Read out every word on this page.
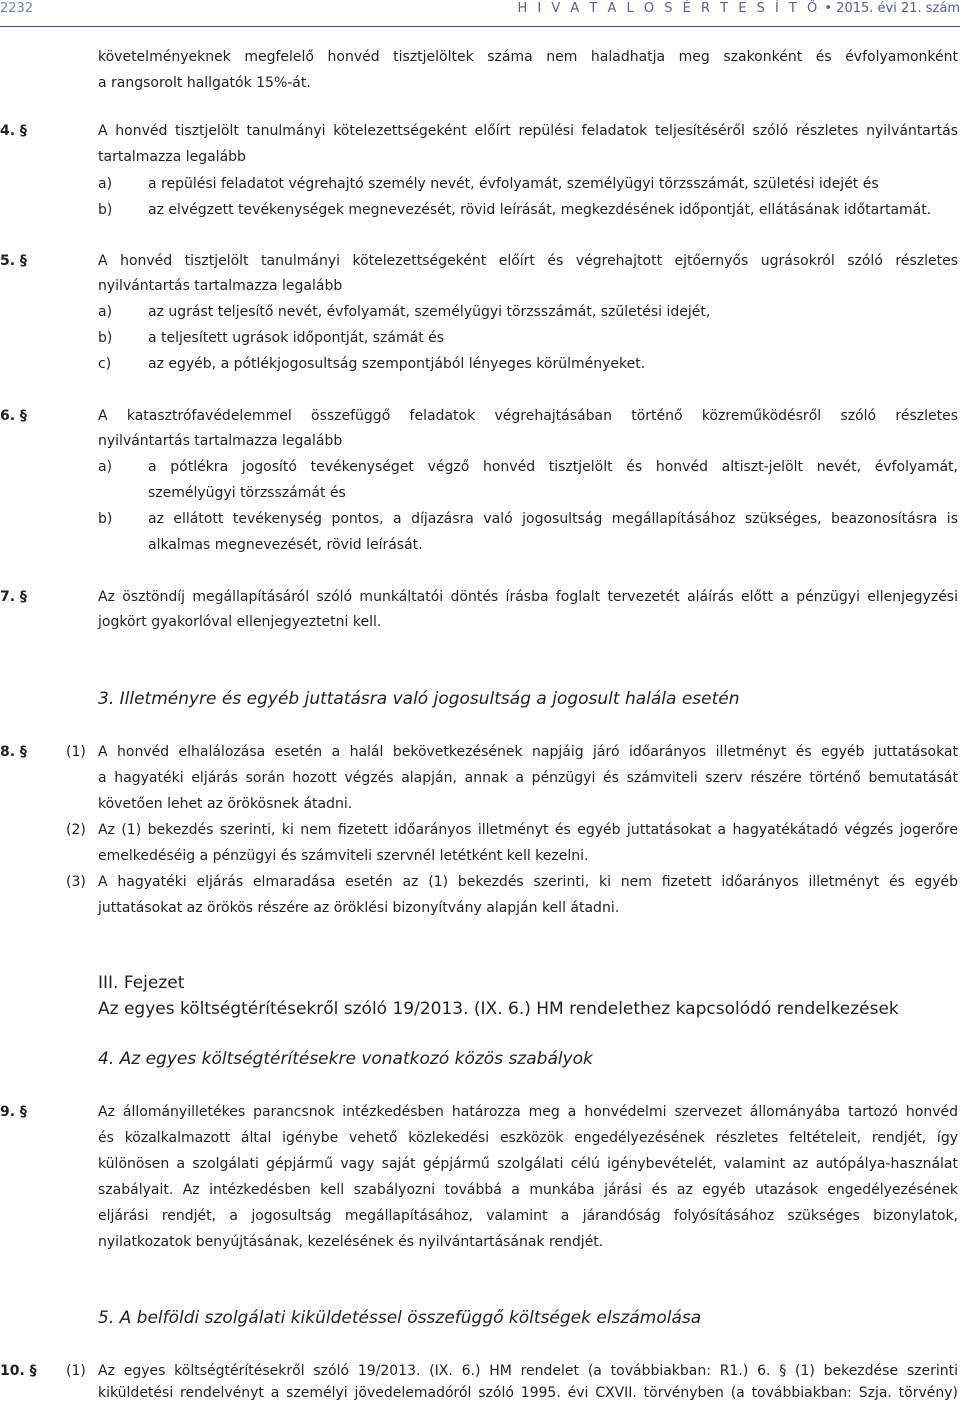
2232	H I V A T A L O S É R T E S Í T Ő • 2015. évi 21. szám
követelményeknek megfelelő honvéd tisztjelöltek száma nem haladhatja meg szakonként és évfolyamonként
a rangsorolt hallgatók 15%-át.
4. §	A honvéd tisztjelölt tanulmányi kötelezettségeként előírt repülési feladatok teljesítéséről szóló részletes nyilvántartás
tartalmazza legalább
a)	a repülési feladatot végrehajtó személy nevét, évfolyamát, személyügyi törzsszámát, születési idejét és
b)	az elvégzett tevékenységek megnevezését, rövid leírását, megkezdésének időpontját, ellátásának időtartamát.
5. §	A honvéd tisztjelölt tanulmányi kötelezettségeként előírt és végrehajtott ejtőernyős ugrásokról szóló részletes
nyilvántartás tartalmazza legalább
a)	az ugrást teljesítő nevét, évfolyamát, személyügyi törzsszámát, születési idejét,
b)	a teljesített ugrások időpontját, számát és
c)	az egyéb, a pótlékjogosultság szempontjából lényeges körülményeket.
6. §	A katasztrófavédelemmel összefüggő feladatok végrehajtásában történő közreműködésről szóló részletes
nyilvántartás tartalmazza legalább
a)	a pótlékra jogosító tevékenységet végző honvéd tisztjelölt és honvéd altiszt-jelölt nevét, évfolyamát,
személyügyi törzsszámát és
b)	az ellátott tevékenység pontos, a díjazásra való jogosultság megállapításához szükséges, beazonosításra is
alkalmas megnevezését, rövid leírását.
7. §	Az ösztöndíj megállapításáról szóló munkáltatói döntés írásba foglalt tervezetét aláírás előtt a pénzügyi ellenjegyzési
jogkört gyakorlóval ellenjegyeztetni kell.
3. Illetményre és egyéb juttatásra való jogosultság a jogosult halála esetén
8. §	(1) A honvéd elhalálozása esetén a halál bekövetkezésének napjáig járó időarányos illetményt és egyéb juttatásokat
a hagyatéki eljárás során hozott végzés alapján, annak a pénzügyi és számviteli szerv részére történő bemutatását
követően lehet az örökösnek átadni.
(2) Az (1) bekezdés szerinti, ki nem fizetett időarányos illetményt és egyéb juttatásokat a hagyatékátadó végzés jogerőre
emelkedéséig a pénzügyi és számviteli szervnél letétként kell kezelni.
(3) A hagyatéki eljárás elmaradása esetén az (1) bekezdés szerinti, ki nem fizetett időarányos illetményt és egyéb
juttatásokat az örökös részére az öröklési bizonyítvány alapján kell átadni.
III. Fejezet
Az egyes költségtérítésekről szóló 19/2013. (IX. 6.) HM rendelethez kapcsolódó rendelkezések
4. Az egyes költségtérítésekre vonatkozó közös szabályok
9. §	Az állományilletékes parancsnok intézkedésben határozza meg a honvédelmi szervezet állományába tartozó honvéd
és közalkalmazott által igénybe vehető közlekedési eszközök engedélyezésének részletes feltételeit, rendjét, így
különösen a szolgálati gépjármű vagy saját gépjármű szolgálati célú igénybevételét, valamint az autópálya-használat
szabályait. Az intézkedésben kell szabályozni továbbá a munkába járási és az egyéb utazások engedélyezésének
eljárási rendjét, a jogosultság megállapításához, valamint a járandóság folyósításához szükséges bizonylatok,
nyilatkozatok benyújtásának, kezelésének és nyilvántartásának rendjét.
5. A belföldi szolgálati kiküldetéssel összefüggő költségek elszámolása
10. §	(1) Az egyes költségtérítésekről szóló 19/2013. (IX. 6.) HM rendelet (a továbbiakban: R1.) 6. § (1) bekezdése szerinti
kiküldetési rendelvényt a személyi jövedelemadóról szóló 1995. évi CXVII. törvényben (a továbbiakban: Szja. törvény)
